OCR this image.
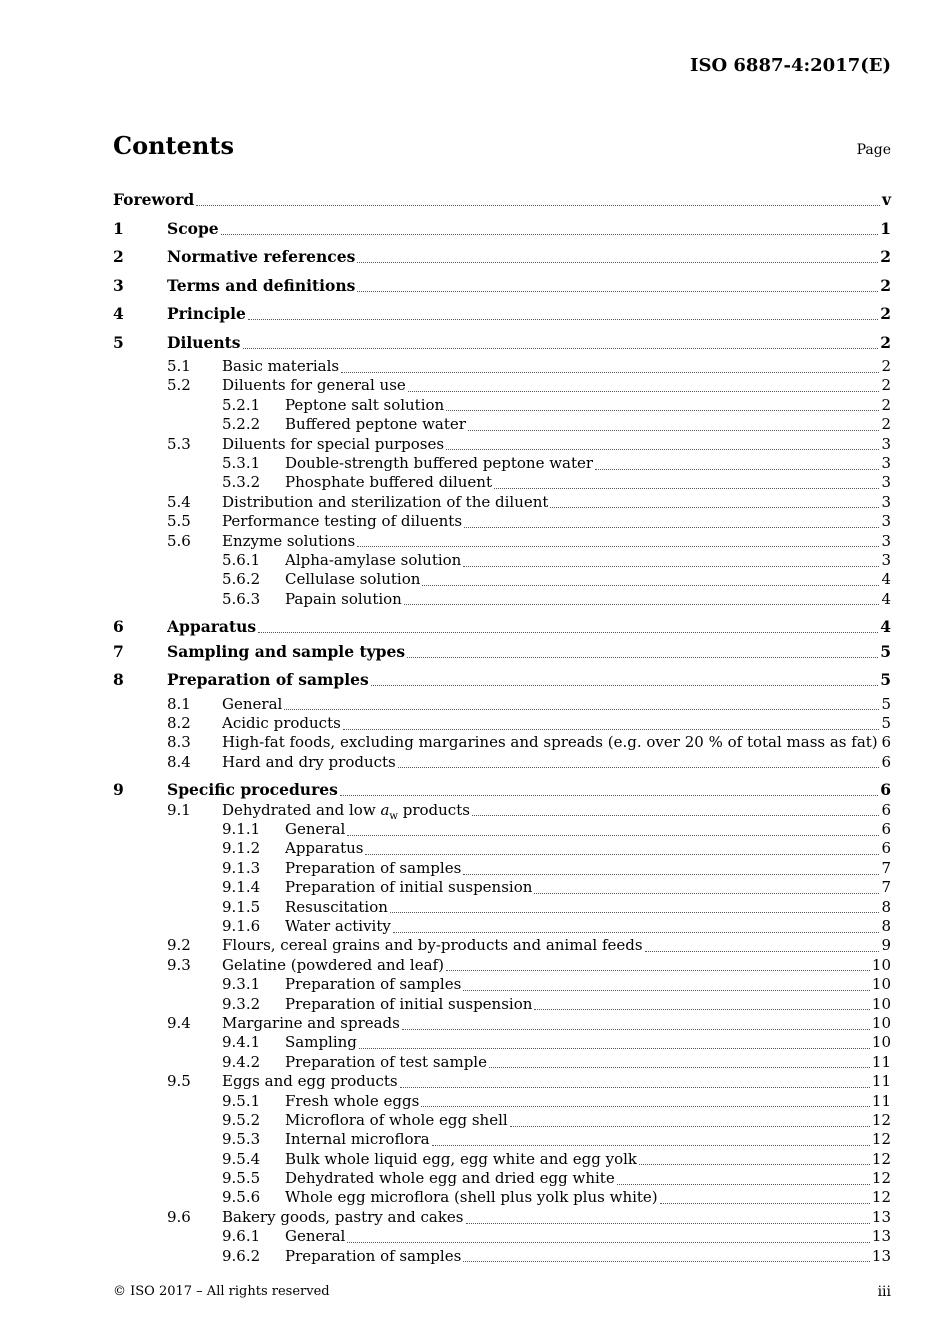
ISO 6887-4:2017(E)
Contents	Page
Foreword	v
1	Scope	1
2	Normative references	2
3	Terms and definitions	2
4	Principle	2
5	Diluents	2
5.1	Basic materials	2
5.2	Diluents for general use	2
5.2.1	Peptone salt solution	2
5.2.2	Buffered peptone water	2
5.3	Diluents for special purposes	3
5.3.1	Double-strength buffered peptone water	3
5.3.2	Phosphate buffered diluent	3
5.4	Distribution and sterilization of the diluent	3
5.5	Performance testing of diluents	3
5.6	Enzyme solutions	3
5.6.1	Alpha-amylase solution	3
5.6.2	Cellulase solution	4
5.6.3	Papain solution	4
6	Apparatus	4
7	Sampling and sample types	5
8	Preparation of samples	5
8.1	General	5
8.2	Acidic products	5
8.3	High-fat foods, excluding margarines and spreads (e.g. over 20 % of total mass as fat) 6
8.4	Hard and dry products	6
9	Specific procedures	6
9.1	Dehydrated and low $a_w$ products	6
9.1.1	General	6
9.1.2	Apparatus	6
9.1.3	Preparation of samples	7
9.1.4	Preparation of initial suspension	7
9.1.5	Resuscitation	8
9.1.6	Water activity	8
9.2	Flours, cereal grains and by-products and animal feeds	9
9.3	Gelatine (powdered and leaf)	10
9.3.1	Preparation of samples	10
9.3.2	Preparation of initial suspension	10
9.4	Margarine and spreads	10
9.4.1	Sampling	10
9.4.2	Preparation of test sample	11
9.5	Eggs and egg products	11
9.5.1	Fresh whole eggs	11
9.5.2	Microflora of whole egg shell	12
9.5.3	Internal microflora	12
9.5.4	Bulk whole liquid egg, egg white and egg yolk	12
9.5.5	Dehydrated whole egg and dried egg white	12
9.5.6	Whole egg microflora (shell plus yolk plus white)	12
9.6	Bakery goods, pastry and cakes	13
9.6.1	General	13
9.6.2	Preparation of samples	13
© ISO 2017 – All rights reserved	iii
